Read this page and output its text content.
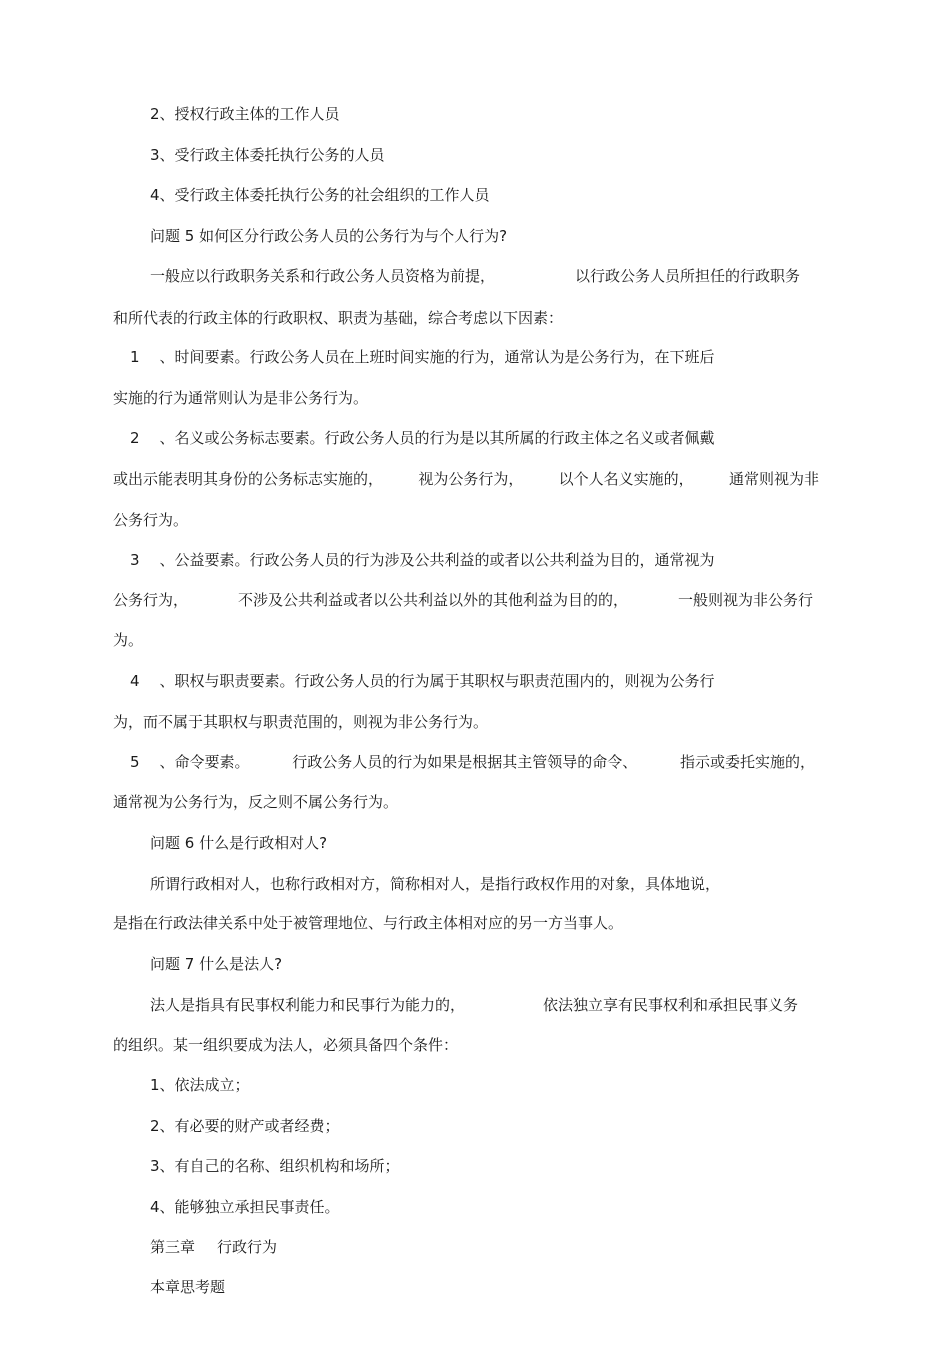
2、授权行政主体的工作人员
3、受行政主体委托执行公务的人员
4、受行政主体委托执行公务的社会组织的工作人员
问题 5 如何区分行政公务人员的公务行为与个人行为?
一般应以行政职务关系和行政公务人员资格为前提，	以行政公务人员所担任的行政职务
和所代表的行政主体的行政职权、职责为基础，综合考虑以下因素：
1 、时间要素。行政公务人员在上班时间实施的行为，通常认为是公务行为，在下班后
实施的行为通常则认为是非公务行为。
2 、名义或公务标志要素。行政公务人员的行为是以其所属的行政主体之名义或者佩戴
或出示能表明其身份的公务标志实施的， 视为公务行为， 以个人名义实施的， 通常则视为非
公务行为。
3 、公益要素。行政公务人员的行为涉及公共利益的或者以公共利益为目的，通常视为
公务行为，	不涉及公共利益或者以公共利益以外的其他利益为目的的，	一般则视为非公务行
为。
4 、职权与职责要素。行政公务人员的行为属于其职权与职责范围内的，则视为公务行
为，而不属于其职权与职责范围的，则视为非公务行为。
5 、命令要素。	行政公务人员的行为如果是根据其主管领导的命令、	指示或委托实施的，
通常视为公务行为，反之则不属公务行为。
问题 6 什么是行政相对人?
所谓行政相对人，也称行政相对方，简称相对人，是指行政权作用的对象，具体地说，
是指在行政法律关系中处于被管理地位、与行政主体相对应的另一方当事人。
问题 7 什么是法人?
法人是指具有民事权利能力和民事行为能力的，	依法独立享有民事权利和承担民事义务
的组织。某一组织要成为法人，必须具备四个条件：
1、依法成立；
2、有必要的财产或者经费；
3、有自己的名称、组织机构和场所；
4、能够独立承担民事责任。
第三章 行政行为
本章思考题
